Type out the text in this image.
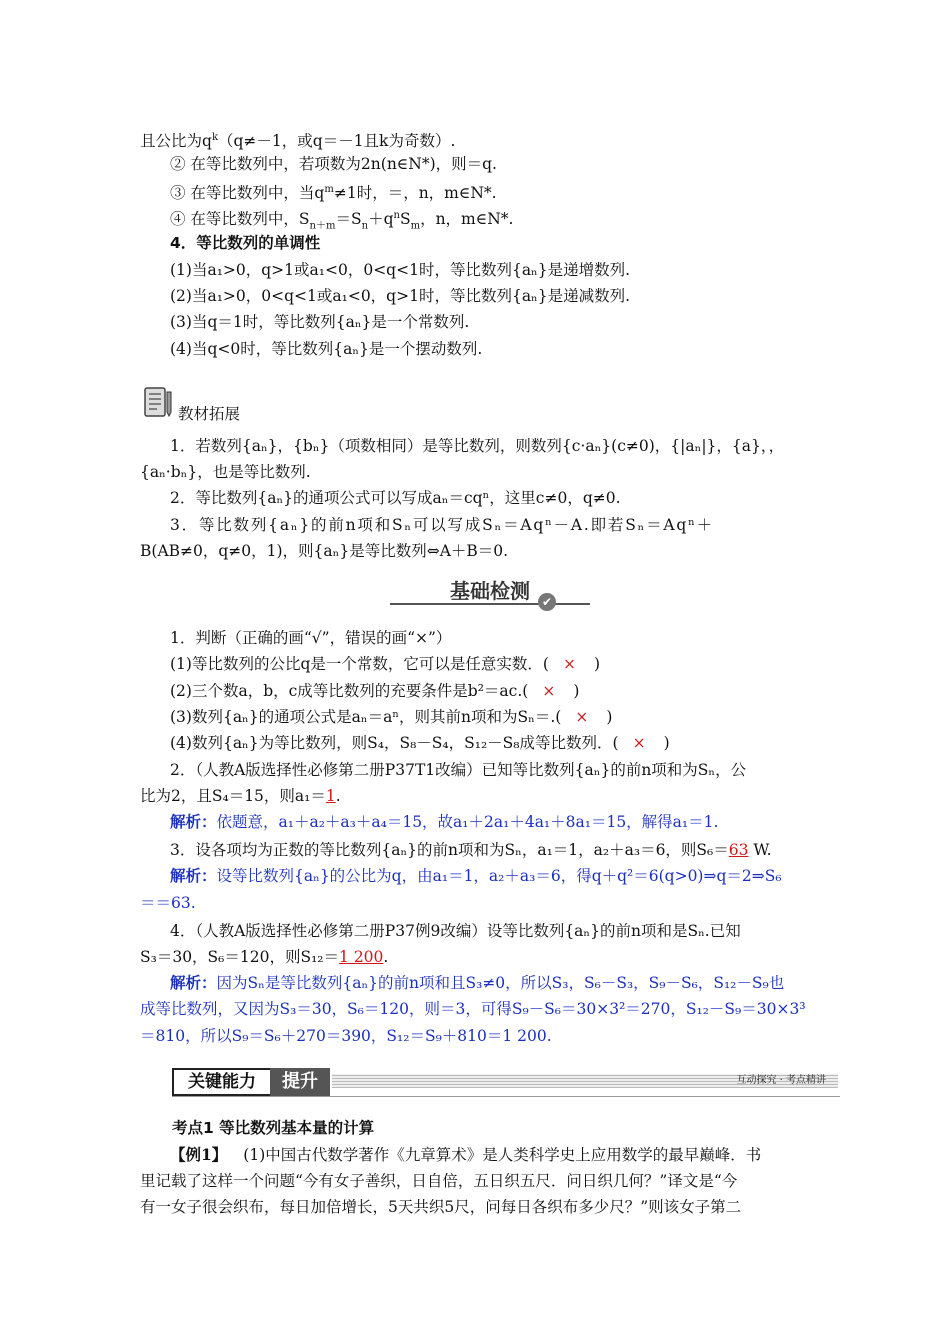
且公比为$q^k(q\ne-1$，或q＝－1且k为奇数）.
② 在等比数列中，若项数为2n(n∈N*)，则＝q.
③ 在等比数列中，当$q^m\ne 1$时，＝，n，m∈N*.
④ 在等比数列中，$S_{n+m}=S_n+q^nS_m$，n，m∈N*.
4．等比数列的单调性
(1)当a₁>0，q>1或a₁<0，0<q<1时，等比数列{aₙ}是递增数列.
(2)当a₁>0，0<q<1或a₁<0，q>1时，等比数列{aₙ}是递减数列.
(3)当q＝1时，等比数列{aₙ}是一个常数列.
(4)当q<0时，等比数列{aₙ}是一个摆动数列.
教材拓展
1．若数列{aₙ}，{bₙ}（项数相同）是等比数列，则数列{c·aₙ}(c≠0)，{|aₙ|}，{a}，，
{aₙ·bₙ}，也是等比数列.
2．等比数列{aₙ}的通项公式可以写成aₙ＝cqⁿ，这里c≠0，q≠0.
3．等比数列{aₙ}的前n项和Sₙ可以写成Sₙ＝Aqⁿ－A.即若Sₙ＝Aqⁿ＋
B(AB≠0，q≠0，1)，则{aₙ}是等比数列⇔A＋B＝0.
基础检测 ✔
1．判断（正确的画“√”，错误的画“×”）
(1)等比数列的公比q是一个常数，它可以是任意实数．( × )
(2)三个数a，b，c成等比数列的充要条件是b²＝ac.( × )
(3)数列{aₙ}的通项公式是aₙ＝aⁿ，则其前n项和为Sₙ＝.( × )
(4)数列{aₙ}为等比数列，则S₄，S₈－S₄，S₁₂－S₈成等比数列．( × )
2．（人教A版选择性必修第二册P37T1改编）已知等比数列{aₙ}的前n项和为Sₙ，公
比为2，且S₄＝15，则a₁＝1.
解析：依题意，a₁＋a₂＋a₃＋a₄＝15，故a₁＋2a₁＋4a₁＋8a₁＝15，解得a₁＝1.
3．设各项均为正数的等比数列{aₙ}的前n项和为Sₙ，a₁＝1，a₂＋a₃＝6，则S₆＝63 W.
解析：设等比数列{aₙ}的公比为q，由a₁＝1，a₂＋a₃＝6，得q＋q²＝6(q>0)⇒q＝2⇒S₆
＝＝63.
4．（人教A版选择性必修第二册P37例9改编）设等比数列{aₙ}的前n项和是Sₙ.已知
S₃＝30，S₆＝120，则S₁₂＝1 200.
解析：因为Sₙ是等比数列{aₙ}的前n项和且S₃≠0，所以S₃，S₆－S₃，S₉－S₆，S₁₂－S₉也
成等比数列，又因为S₃＝30，S₆＝120，则＝3，可得S₉－S₆＝30×3²＝270，S₁₂－S₉＝30×3³
＝810，所以S₉＝S₆＋270＝390，S₁₂＝S₉＋810＝1 200.
关键能力	提升	互动探究 · 考点精讲
考点1 等比数列基本量的计算
【例1】 (1)中国古代数学著作《九章算术》是人类科学史上应用数学的最早巅峰．书
里记载了这样一个问题“今有女子善织，日自倍，五日织五尺．问日织几何？”译文是“今
有一女子很会织布，每日加倍增长，5天共织5尺，问每日各织布多少尺？”则该女子第二
